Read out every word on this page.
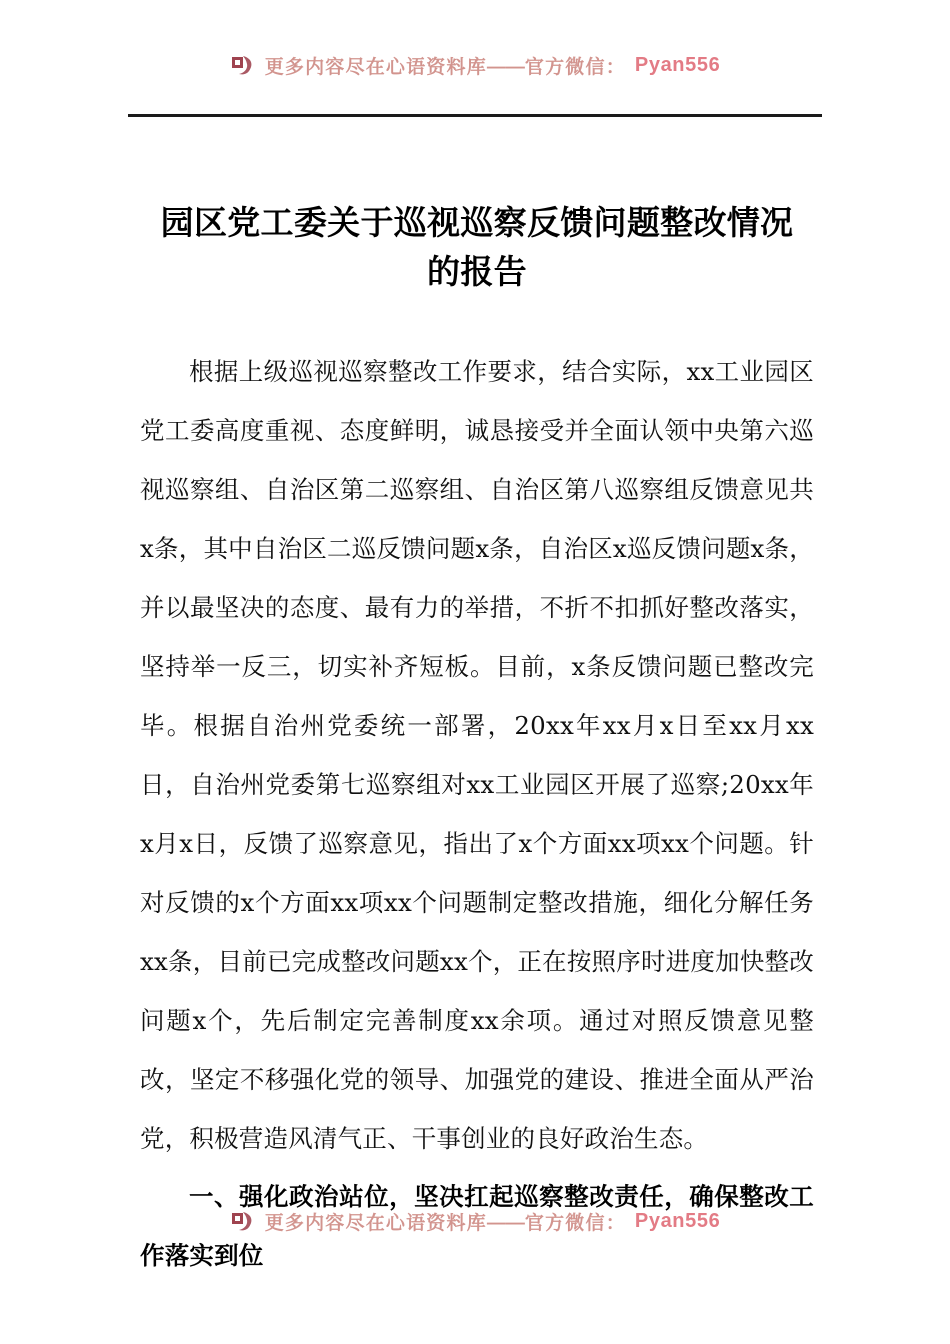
更多内容尽在心语资料库——官方微信： Pyan556
园区党工委关于巡视巡察反馈问题整改情况的报告

根据上级巡视巡察整改工作要求，结合实际，xx工业园区党工委高度重视、态度鲜明，诚恳接受并全面认领中央第六巡视巡察组、自治区第二巡察组、自治区第八巡察组反馈意见共x条，其中自治区二巡反馈问题x条，自治区x巡反馈问题x条，并以最坚决的态度、最有力的举措，不折不扣抓好整改落实，坚持举一反三，切实补齐短板。目前，x条反馈问题已整改完毕。根据自治州党委统一部署，20xx年xx月x日至xx月xx日，自治州党委第七巡察组对xx工业园区开展了巡察;20xx年x月x日，反馈了巡察意见，指出了x个方面xx项xx个问题。针对反馈的x个方面xx项xx个问题制定整改措施，细化分解任务xx条，目前已完成整改问题xx个，正在按照序时进度加快整改问题x个，先后制定完善制度xx余项。通过对照反馈意见整改，坚定不移强化党的领导、加强党的建设、推进全面从严治党，积极营造风清气正、干事创业的良好政治生态。

一、强化政治站位，坚决扛起巡察整改责任，确保整改工作落实到位

更多内容尽在心语资料库——官方微信： Pyan556
